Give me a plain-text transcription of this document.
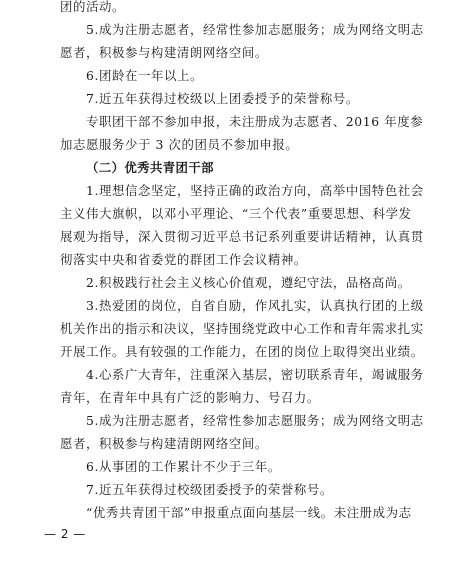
团的活动。
5.成为注册志愿者，经常性参加志愿服务；成为网络文明志
愿者，积极参与构建清朗网络空间。
6.团龄在一年以上。
7.近五年获得过校级以上团委授予的荣誉称号。
专职团干部不参加申报，未注册成为志愿者、2016 年度参
加志愿服务少于 3 次的团员不参加申报。
（二）优秀共青团干部
1.理想信念坚定，坚持正确的政治方向，高举中国特色社会
主义伟大旗帜，以邓小平理论、“三个代表”重要思想、科学发
展观为指导，深入贯彻习近平总书记系列重要讲话精神，认真贯
彻落实中央和省委党的群团工作会议精神。
2.积极践行社会主义核心价值观，遵纪守法，品格高尚。
3.热爱团的岗位，自省自励，作风扎实，认真执行团的上级
机关作出的指示和决议，坚持围绕党政中心工作和青年需求扎实
开展工作。具有较强的工作能力，在团的岗位上取得突出业绩。
4.心系广大青年，注重深入基层，密切联系青年，竭诚服务
青年，在青年中具有广泛的影响力、号召力。
5.成为注册志愿者，经常性参加志愿服务；成为网络文明志
愿者，积极参与构建清朗网络空间。
6.从事团的工作累计不少于三年。
7.近五年获得过校级团委授予的荣誉称号。
“优秀共青团干部”申报重点面向基层一线。未注册成为志
— 2 —
